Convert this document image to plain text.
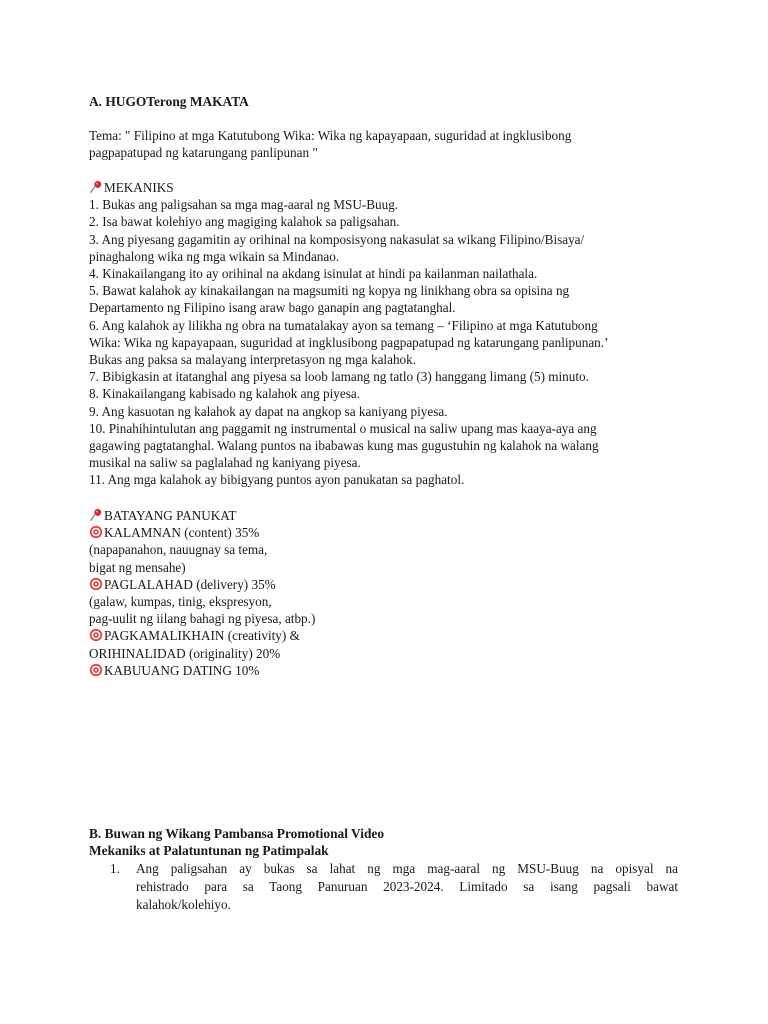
A. HUGOTerong MAKATA
Tema: " Filipino at mga Katutubong Wika: Wika ng kapayapaan, suguridad at ingklusibong
pagpapatupad ng katarungang panlipunan "
MEKANIKS
1. Bukas ang paligsahan sa mga mag-aaral ng MSU-Buug.
2. Isa bawat kolehiyo ang magiging kalahok sa paligsahan.
3. Ang piyesang gagamitin ay orihinal na komposisyong nakasulat sa wikang Filipino/Bisaya/
pinaghalong wika ng mga wikain sa Mindanao.
4. Kinakailangang ito ay orihinal na akdang isinulat at hindi pa kailanman nailathala.
5. Bawat kalahok ay kinakailangan na magsumiti ng kopya ng linikhang obra sa opisina ng
Departamento ng Filipino isang araw bago ganapin ang pagtatanghal.
6. Ang kalahok ay lilikha ng obra na tumatalakay ayon sa temang – ‘Filipino at mga Katutubong
Wika: Wika ng kapayapaan, suguridad at ingklusibong pagpapatupad ng katarungang panlipunan.’
Bukas ang paksa sa malayang interpretasyon ng mga kalahok.
7. Bibigkasin at itatanghal ang piyesa sa loob lamang ng tatlo (3) hanggang limang (5) minuto.
8. Kinakailangang kabisado ng kalahok ang piyesa.
9. Ang kasuotan ng kalahok ay dapat na angkop sa kaniyang piyesa.
10. Pinahihintulutan ang paggamit ng instrumental o musical na saliw upang mas kaaya-aya ang
gagawing pagtatanghal. Walang puntos na ibabawas kung mas gugustuhin ng kalahok na walang
musikal na saliw sa paglalahad ng kaniyang piyesa.
11. Ang mga kalahok ay bibigyang puntos ayon panukatan sa paghatol.
BATAYANG PANUKAT
KALAMNAN (content) 35%
(napapanahon, nauugnay sa tema,
bigat ng mensahe)
PAGLALAHAD (delivery) 35%
(galaw, kumpas, tinig, ekspresyon,
pag-uulit ng iilang bahagi ng piyesa, atbp.)
PAGKAMALIKHAIN (creativity) &
ORIHINALIDAD (originality) 20%
KABUUANG DATING 10%
B. Buwan ng Wikang Pambansa Promotional Video
Mekaniks at Palatuntunan ng Patimpalak
1. Ang paligsahan ay bukas sa lahat ng mga mag-aaral ng MSU-Buug na opisyal na
rehistrado para sa Taong Panuruan 2023-2024. Limitado sa isang pagsali bawat
kalahok/kolehiyo.
